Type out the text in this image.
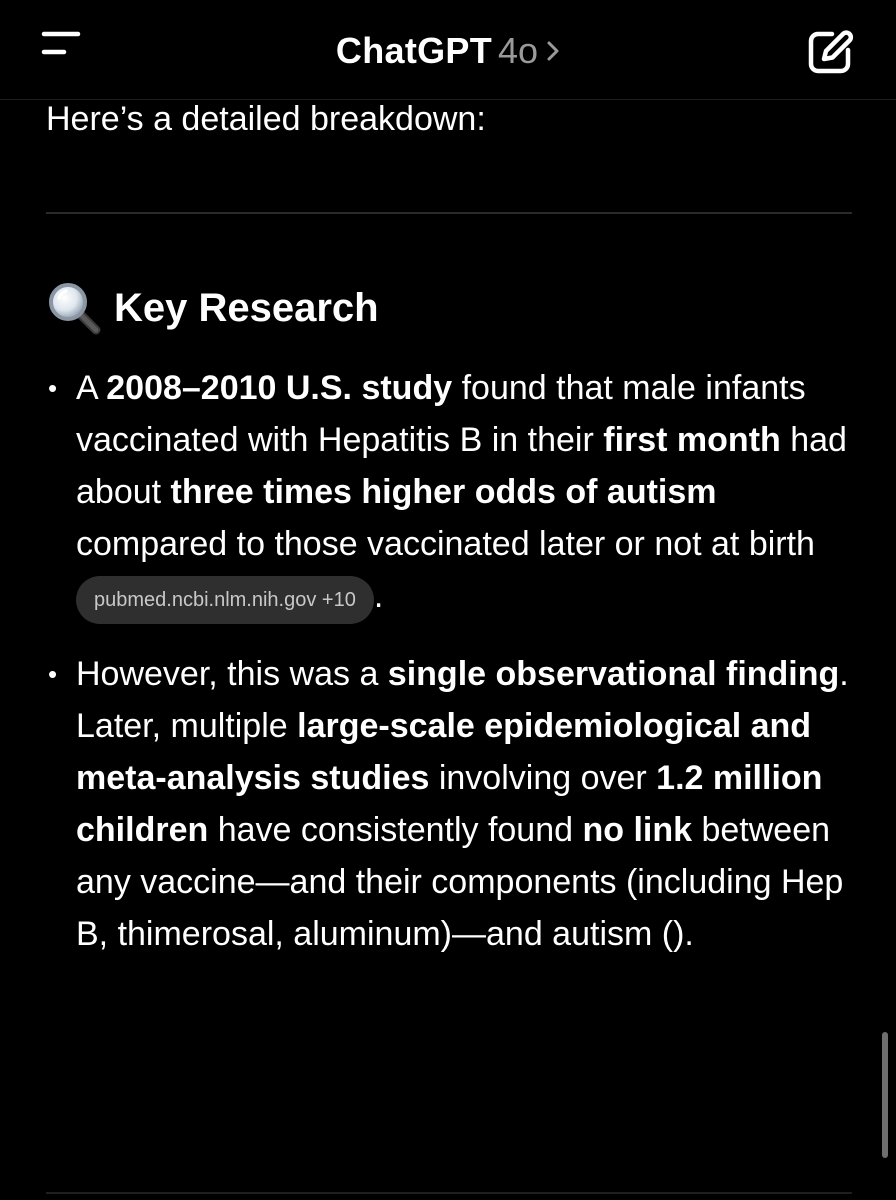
Here’s a detailed breakdown:
Key Research
• A 2008–2010 U.S. study found that male infants vaccinated with Hepatitis B in their first month had about three times higher odds of autism compared to those vaccinated later or not at birth
pubmed.ncbi.nlm.nih.gov +10 .
• However, this was a single observational finding. Later, multiple large-scale epidemiological and meta-analysis studies involving over 1.2 million children have consistently found no link between any vaccine—and their components (including Hep B, thimerosal, aluminum)—and autism ().
ChatGPT 4o
